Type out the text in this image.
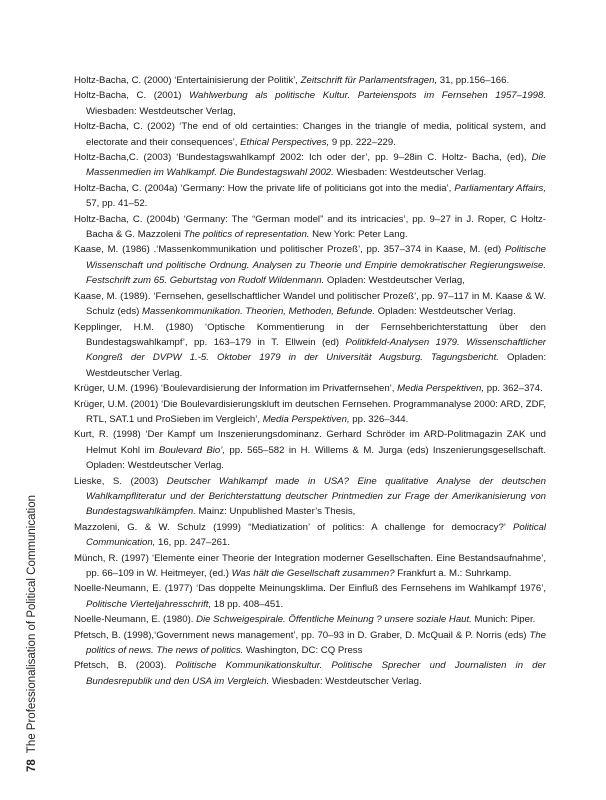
Holtz-Bacha, C. (2000) ‘Entertainisierung der Politik’, Zeitschrift für Parlamentsfragen, 31, pp.156–166.

Holtz-Bacha, C. (2001) Wahlwerbung als politische Kultur. Parteienspots im Fernsehen 1957–1998. Wiesbaden: Westdeutscher Verlag,

Holtz-Bacha, C. (2002) ‘The end of old certainties: Changes in the triangle of media, political system, and electorate and their consequences’, Ethical Perspectives, 9 pp. 222–229.

Holtz-Bacha,C. (2003) ‘Bundestagswahlkampf 2002: Ich oder der’, pp. 9–28in C. Holtz- Bacha, (ed), Die Massenmedien im Wahlkampf. Die Bundestagswahl 2002. Wiesbaden: Westdeutscher Verlag.

Holtz-Bacha, C. (2004a) ‘Germany: How the private life of politicians got into the media’, Parliamentary Affairs, 57, pp. 41–52.

Holtz-Bacha, C. (2004b) ‘Germany: The “German model” and its intricacies’, pp. 9–27 in J. Roper, C Holtz-Bacha & G. Mazzoleni The politics of representation. New York: Peter Lang.

Kaase, M. (1986) .‘Massenkommunikation und politischer Prozeß’, pp. 357–374 in Kaase, M. (ed) Politische Wissenschaft und politische Ordnung. Analysen zu Theorie und Empirie demokratischer Regierungsweise. Festschrift zum 65. Geburtstag von Rudolf Wildenmann. Opladen: Westdeutscher Verlag,

Kaase, M. (1989). ‘Fernsehen, gesellschaftlicher Wandel und politischer Prozeß’, pp. 97–117 in M. Kaase & W. Schulz (eds) Massenkommunikation. Theorien, Methoden, Befunde. Opladen: Westdeutscher Verlag.

Kepplinger, H.M. (1980) ‘Optische Kommentierung in der Fernsehberichterstattung über den Bundestagswahlkampf’, pp. 163–179 in T. Ellwein (ed) Politikfeld-Analysen 1979. Wissenschaftlicher Kongreß der DVPW 1.-5. Oktober 1979 in der Universität Augsburg. Tagungsbericht. Opladen: Westdeutscher Verlag.

Krüger, U.M. (1996) ‘Boulevardisierung der Information im Privatfernsehen’, Media Perspektiven, pp. 362–374.

Krüger, U.M. (2001) ‘Die Boulevardisierungskluft im deutschen Fernsehen. Programmanalyse 2000: ARD, ZDF, RTL, SAT.1 und ProSieben im Vergleich’, Media Perspektiven, pp. 326–344.

Kurt, R. (1998) ‘Der Kampf um Inszenierungsdominanz. Gerhard Schröder im ARD-Politmagazin ZAK und Helmut Kohl im Boulevard Bio’, pp. 565–582 in H. Willems & M. Jurga (eds) Inszenierungsgesellschaft. Opladen: Westdeutscher Verlag.

Lieske, S. (2003) Deutscher Wahlkampf made in USA? Eine qualitative Analyse der deutschen Wahlkampfliteratur und der Berichterstattung deutscher Printmedien zur Frage der Amerikanisierung von Bundestagswahlkämpfen. Mainz: Unpublished Master’s Thesis,

Mazzoleni, G. & W. Schulz (1999) “Mediatization’ of politics: A challenge for democracy?’ Political Communication, 16, pp. 247–261.

Münch, R. (1997) ‘Elemente einer Theorie der Integration moderner Gesellschaften. Eine Bestandsaufnahme’, pp. 66–109 in W. Heitmeyer, (ed.) Was hält die Gesellschaft zusammen? Frankfurt a. M.: Suhrkamp.

Noelle-Neumann, E. (1977) ‘Das doppelte Meinungsklima. Der Einfluß des Fernsehens im Wahlkampf 1976’, Politische Vierteljahresschrift, 18 pp. 408–451.

Noelle-Neumann, E. (1980). Die Schweigespirale. Öffentliche Meinung ? unsere soziale Haut. Munich: Piper.

Pfetsch, B. (1998),‘Government news management’, pp. 70–93 in D. Graber, D. McQuail & P. Norris (eds) The politics of news. The news of politics. Washington, DC: CQ Press

Pfetsch, B. (2003). Politische Kommunikationskultur. Politische Sprecher und Journalisten in der Bundesrepublik und den USA im Vergleich. Wiesbaden: Westdeutscher Verlag.

78The Professionalisation of Political Communication
